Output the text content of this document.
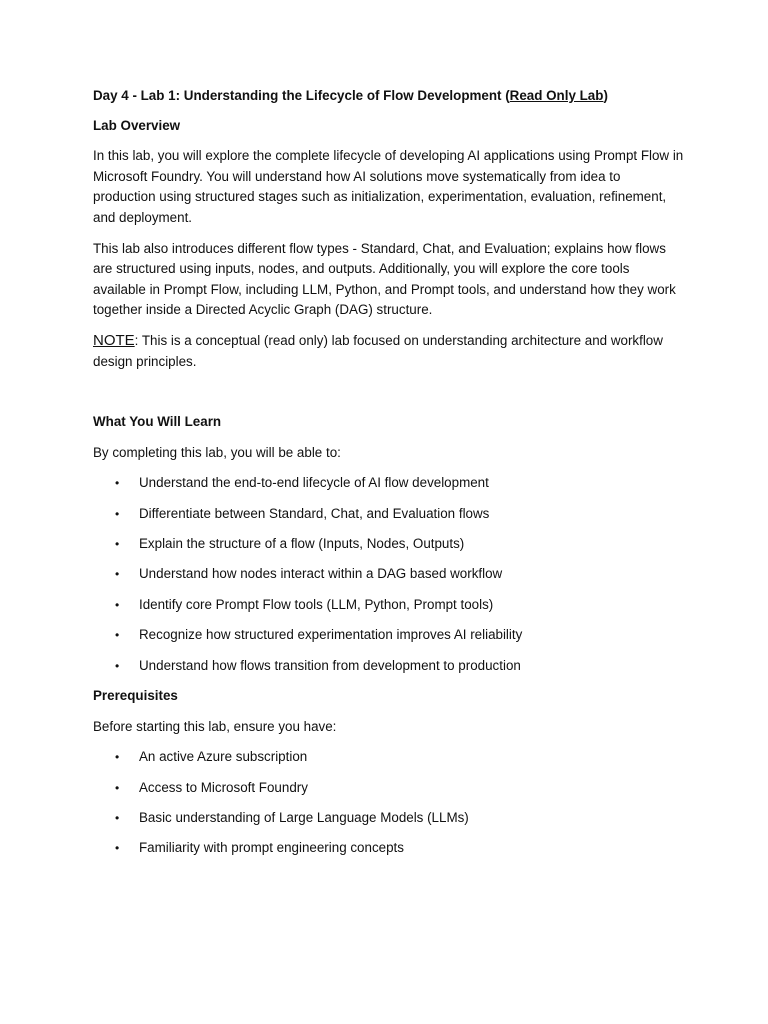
Day 4 - Lab 1: Understanding the Lifecycle of Flow Development (Read Only Lab)
Lab Overview

In this lab, you will explore the complete lifecycle of developing AI applications using Prompt Flow in Microsoft Foundry. You will understand how AI solutions move systematically from idea to production using structured stages such as initialization, experimentation, evaluation, refinement, and deployment.

This lab also introduces different flow types - Standard, Chat, and Evaluation; explains how flows are structured using inputs, nodes, and outputs. Additionally, you will explore the core tools available in Prompt Flow, including LLM, Python, and Prompt tools, and understand how they work together inside a Directed Acyclic Graph (DAG) structure.

NOTE: This is a conceptual (read only) lab focused on understanding architecture and workflow design principles.
What You Will Learn

By completing this lab, you will be able to:

• Understand the end-to-end lifecycle of AI flow development
• Differentiate between Standard, Chat, and Evaluation flows
• Explain the structure of a flow (Inputs, Nodes, Outputs)
• Understand how nodes interact within a DAG based workflow
• Identify core Prompt Flow tools (LLM, Python, Prompt tools)
• Recognize how structured experimentation improves AI reliability
• Understand how flows transition from development to production
Prerequisites

Before starting this lab, ensure you have:

• An active Azure subscription
• Access to Microsoft Foundry
• Basic understanding of Large Language Models (LLMs)
• Familiarity with prompt engineering concepts
